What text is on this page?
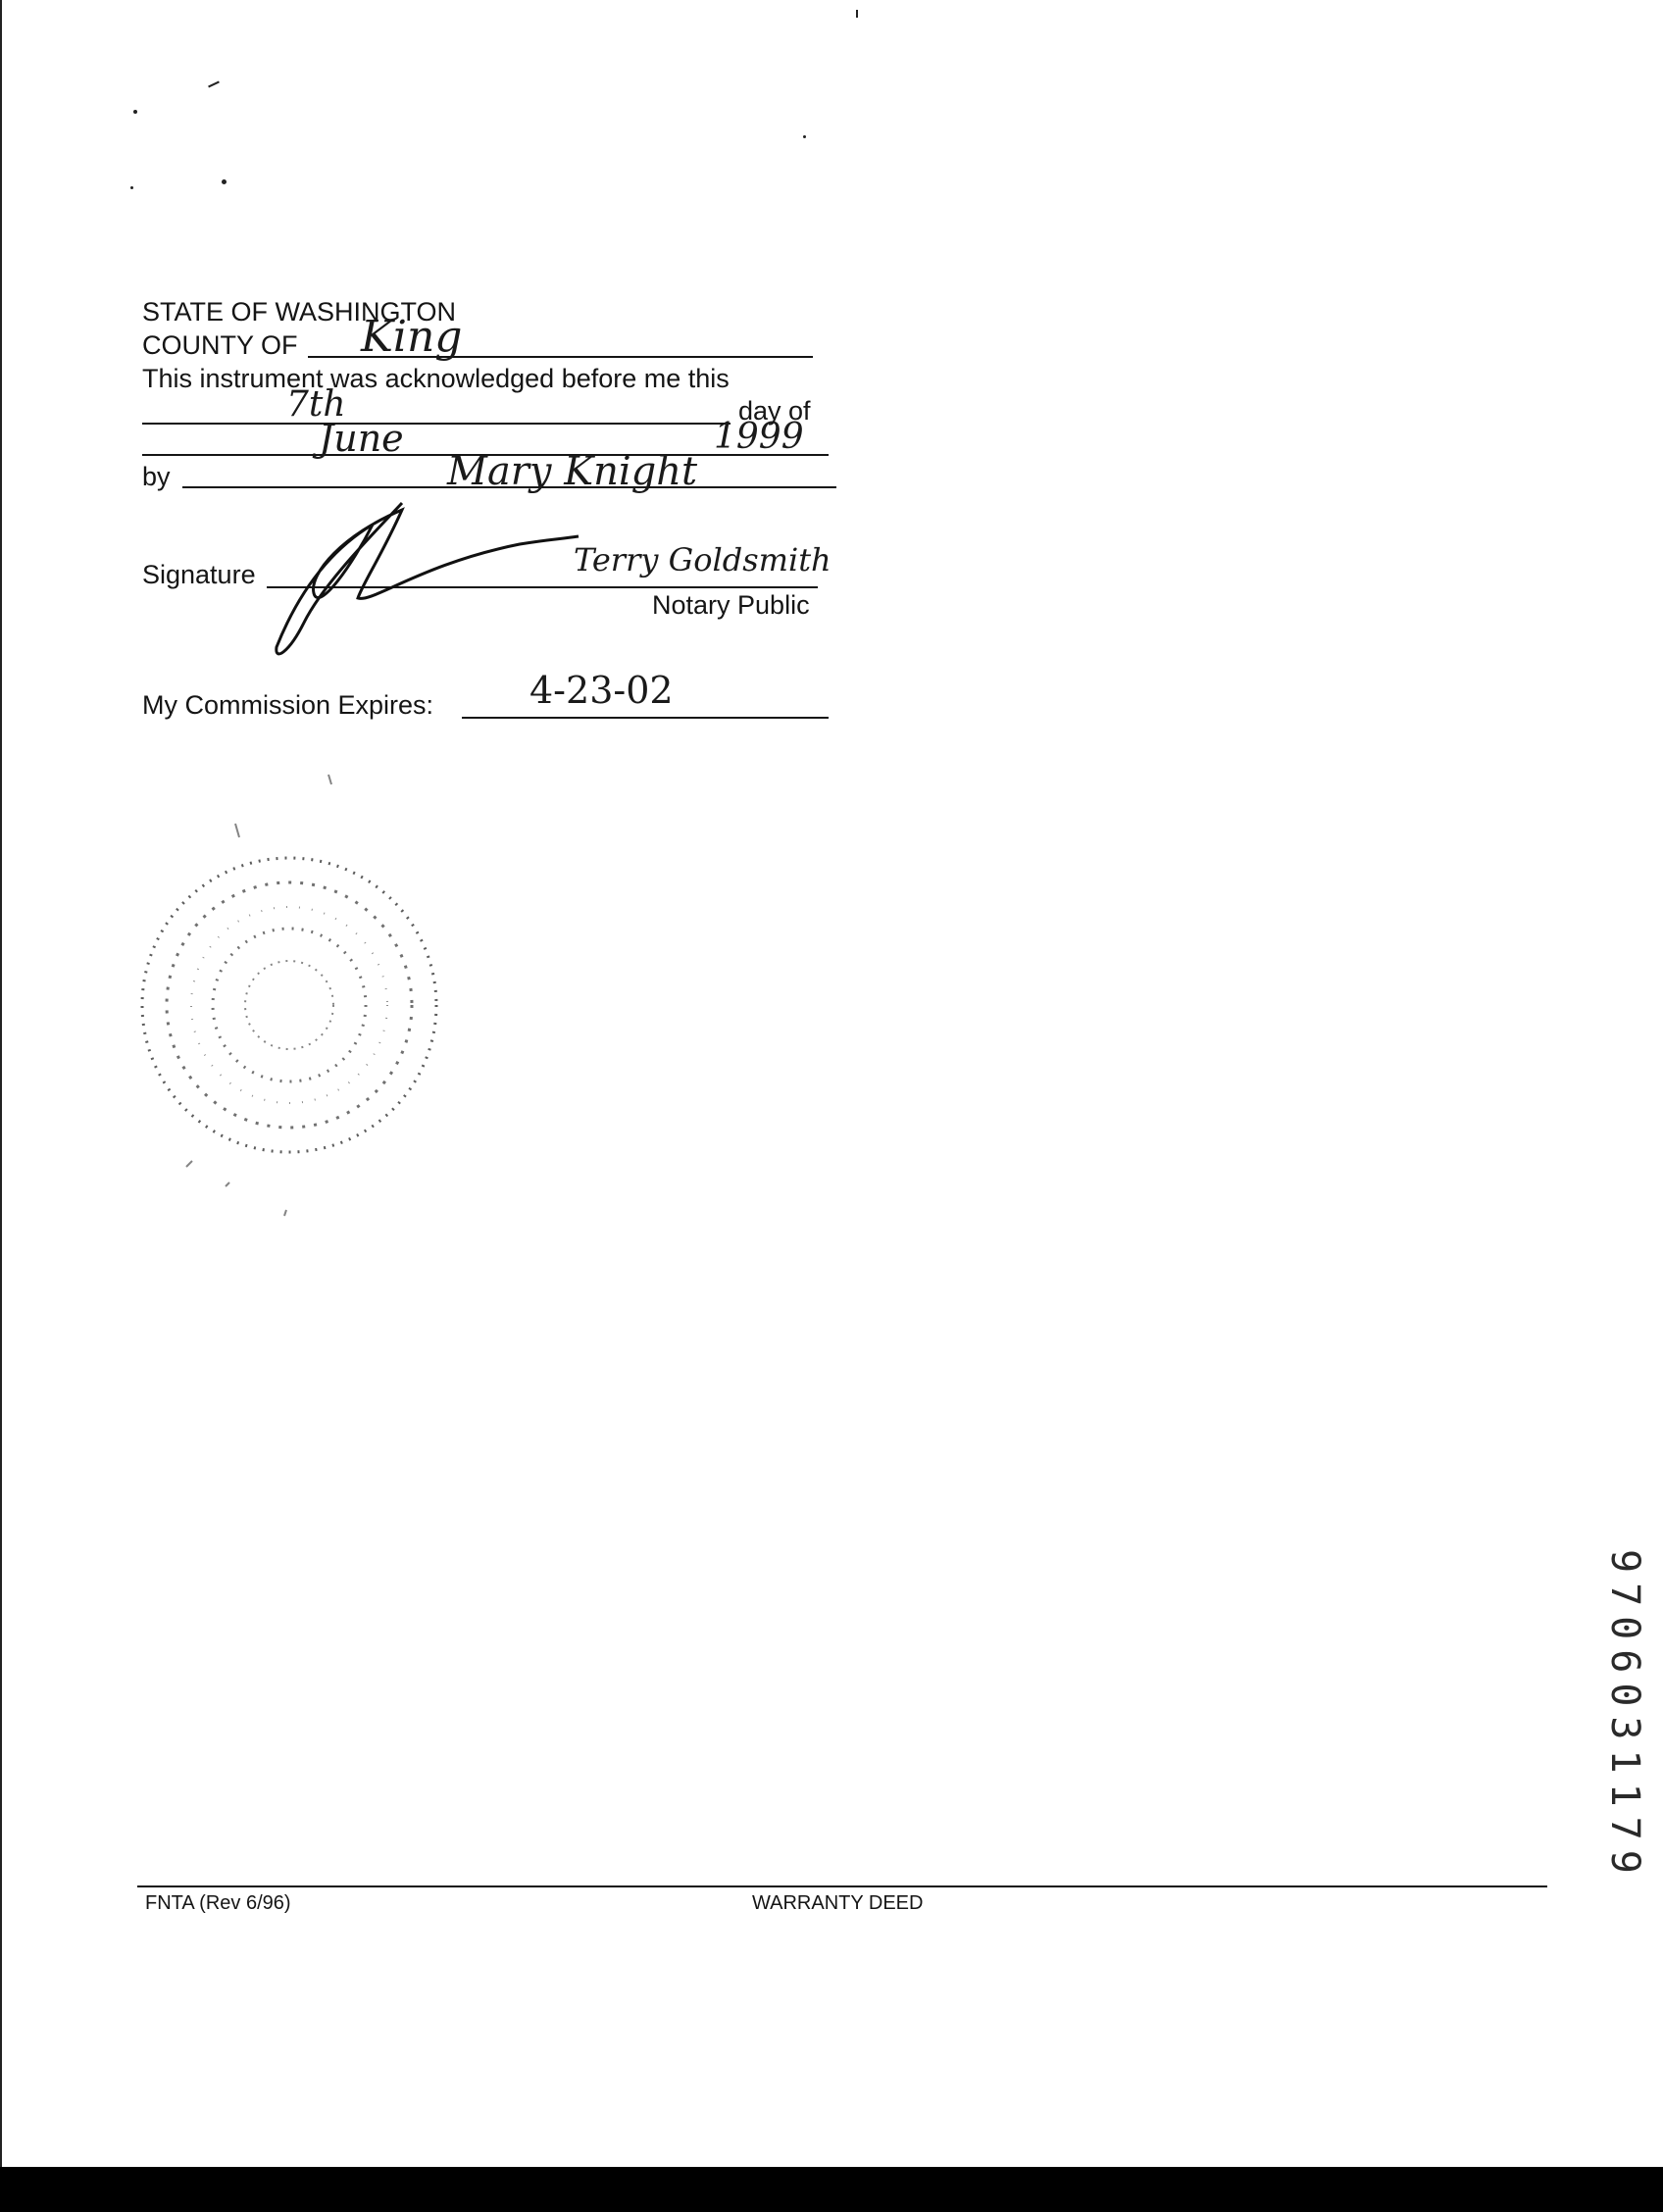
STATE OF WASHINGTON
COUNTY OF King
This instrument was acknowledged before me this
7th	day of
June	1999
by	Mary Knight
Signature	Terry Goldsmith
Notary Public
My Commission Expires:	4-23-02
FNTA (Rev 6/96)	WARRANTY DEED
9706031179
